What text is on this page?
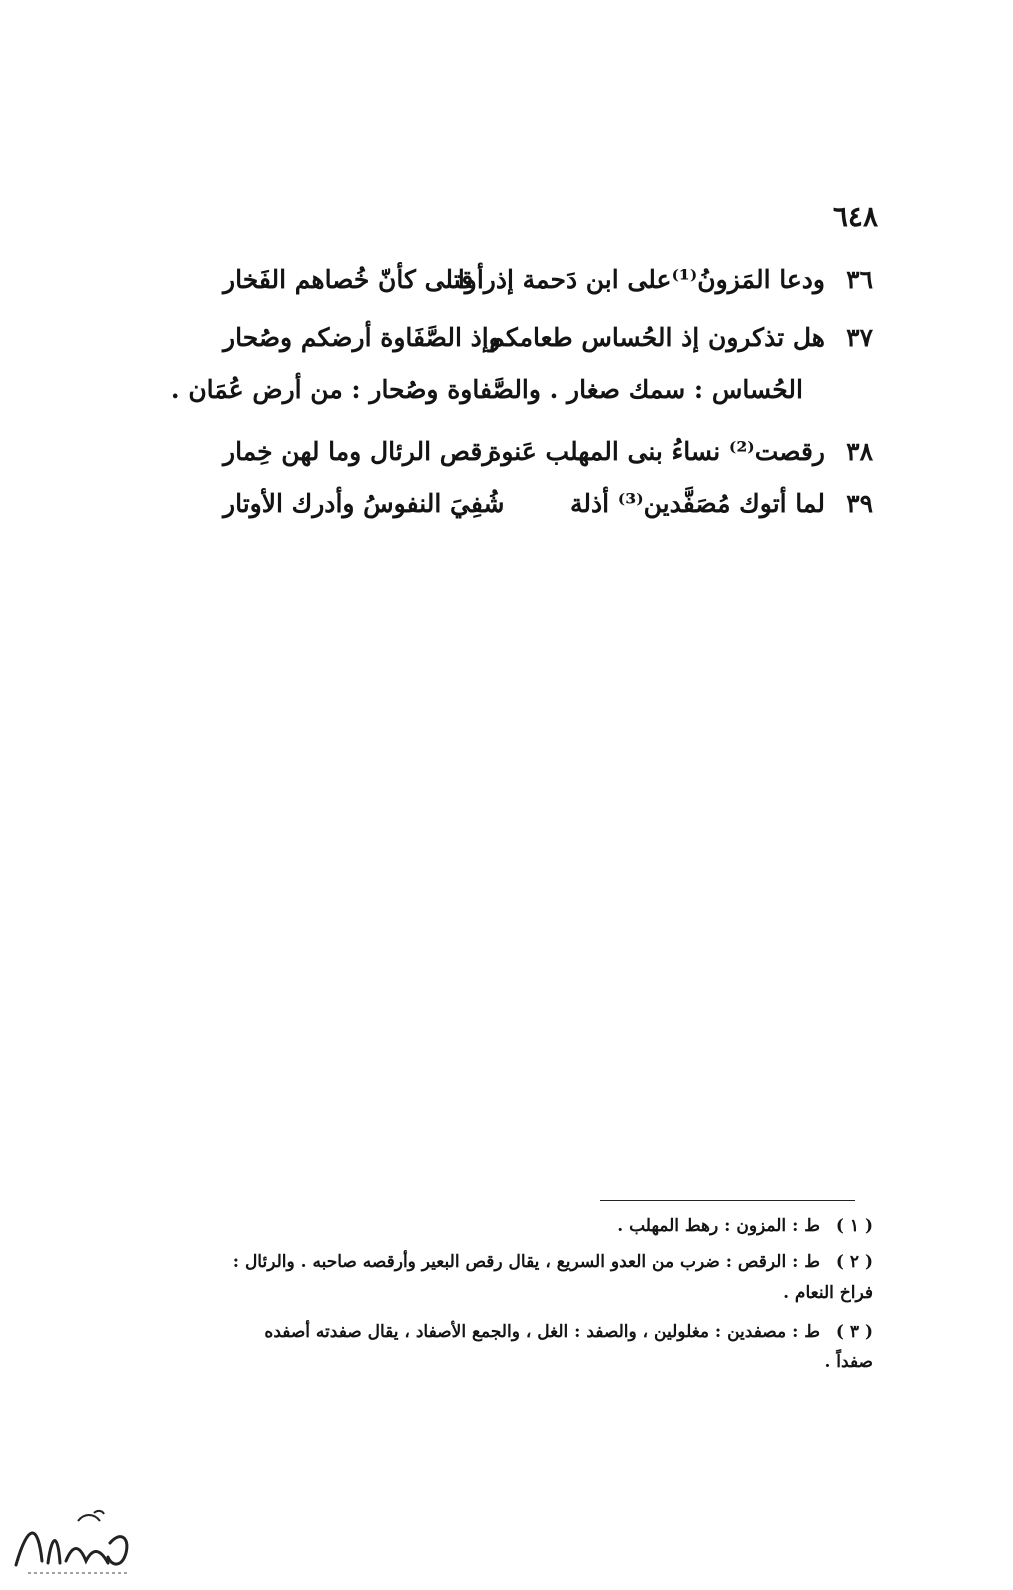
٦٤٨
٣٦
ودعا المَزونُ⁽¹⁾على ابن دَحمة إذرأوا
قتلى كأنّ خُصاهم الفَخار
٣٧
هل تذكرون إذ الحُساس طعامكم
وإذ الصَّفَاوة أرضكم وصُحار
الحُساس : سمك صغار . والصَّفاوة وصُحار : من أرض عُمَان .
٣٨
رقصت⁽²⁾ نساءُ بنى المهلب عَنوة
رقص الرئال وما لهن خِمار
٣٩
لما أتوك مُصَفَّدين⁽³⁾ أذلة
شُفِيَ النفوسُ وأدرك الأوتار
( ١ ) ط : المزون : رهط المهلب .
( ٢ ) ط : الرقص : ضرب من العدو السريع ، يقال رقص البعير وأرقصه صاحبه . والرئال :
فراخ النعام .
( ٣ ) ط : مصفدين : مغلولين ، والصفد : الغل ، والجمع الأصفاد ، يقال صفدته أصفده
صفداً .
